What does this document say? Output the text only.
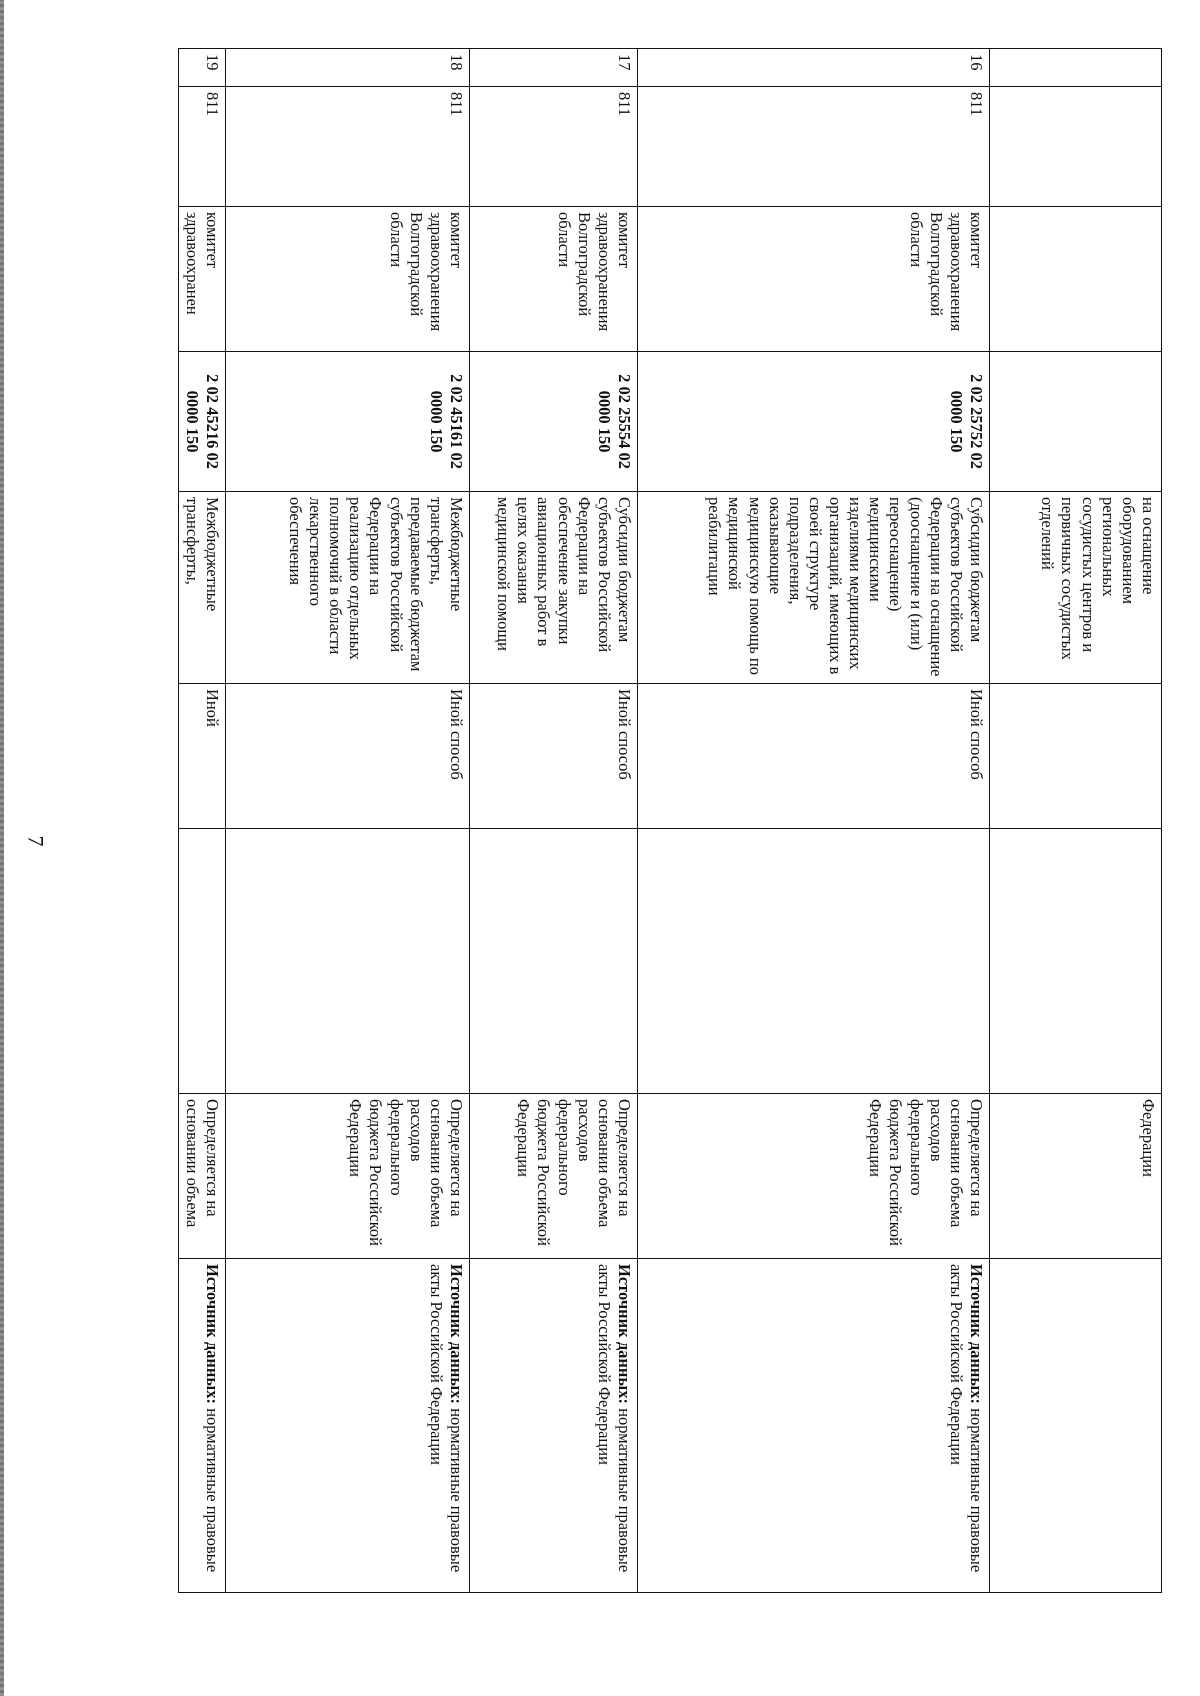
7
				на оснащение оборудованием региональных сосудистых центров и первичных сосудистых отделений			Федерации	
16	811	комитет здравоохранения Волгоградской области	2 02 25752 02 0000 150	Субсидии бюджетам субъектов Российской Федерации на оснащение (дооснащение и (или) переоснащение) медицинскими изделиями медицинских организаций, имеющих в своей структуре подразделения, оказывающие медицинскую помощь по медицинской реабилитации	Иной способ		Определяется на основании объема расходов федерального бюджета Российской Федерации	Источник данных: нормативные правовые акты Российской Федерации
17	811	комитет здравоохранения Волгоградской области	2 02 25554 02 0000 150	Субсидии бюджетам субъектов Российской Федерации на обеспечение закупки авиационных работ в целях оказания медицинской помощи	Иной способ		Определяется на основании объема расходов федерального бюджета Российской Федерации	Источник данных: нормативные правовые акты Российской Федерации
18	811	комитет здравоохранения Волгоградской области	2 02 45161 02 0000 150	Межбюджетные трансферты, передаваемые бюджетам субъектов Российской Федерации на реализацию отдельных полномочий в области лекарственного обеспечения	Иной способ		Определяется на основании объема расходов федерального бюджета Российской Федерации	Источник данных: нормативные правовые акты Российской Федерации
19	811	комитет здравоохранен	2 02 45216 02 0000 150	Межбюджетные трансферты,	Иной		Определяется на основании объема	Источник данных: нормативные правовые
